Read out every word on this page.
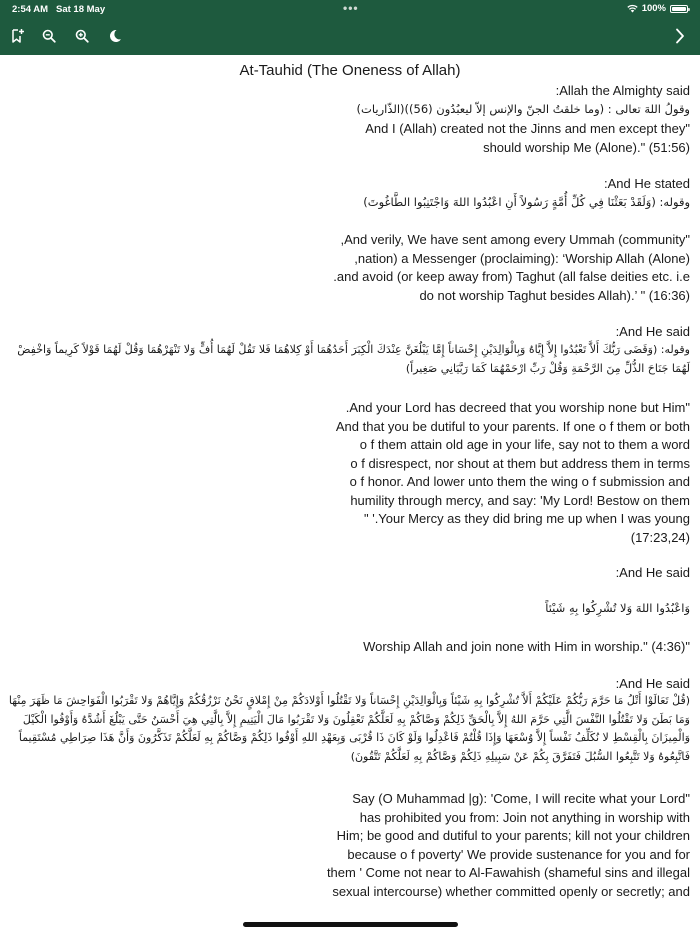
2:54 AM Sat 18 May	•••	100%
At-Tauhid (The Oneness of Allah)
:Allah the Almighty said
وقولُ اللهَ تعالى : (وما خلقتُ الجنّ والإنس إلاّ ليعبُدُون (56))(الذّاريات)
And I (Allah) created not the Jinns and men except they"
should worship Me (Alone)." (51:56)
:And He stated
وقوله: (وَلَقَدْ بَعَثْنَا فِي كُلِّ أُمَّةٍ رَسُولاً أَنِ اعْبُدُوا اللهَ وَاجْتَنِبُوا الطَّاغُوتَ)
,And verily, We have sent among every Ummah (community"
,nation) a Messenger (proclaiming): ‘Worship Allah (Alone)
.and avoid (or keep away from) Taghut (all false deities etc. i.e
do not worship Taghut besides Allah).’ " (16:36)
:And He said
وقوله: (وَقَضَى رَبُّكَ أَلاَّ تَعْبُدُوا إِلاَّ إِيَّاهُ وَبِالْوَالِدَيْنِ إِحْسَاناً إِمَّا يَبْلُغَنَّ عِنْدَكَ الْكِبَرَ أَحَدُهُمَا أَوْ كِلاهُمَا فَلا تَقُلْ لَهُمَا أُفٍّ وَلا تَنْهَرْهُمَا وَقُلْ لَهُمَا قَوْلاً كَرِيماً وَاخْفِضْ
لَهُمَا جَنَاحَ الذُّلِّ مِنَ الرَّحْمَةِ وَقُلْ رَبِّ ارْحَمْهُمَا كَمَا رَبَّيَانِي صَغِيراً)
.And your Lord has decreed that you worship none but Him"
And that you be dutiful to your parents. If one o f them or both
o f them attain old age in your life, say not to them a word
o f disrespect, nor shout at them but address them in terms
o f honor. And lower unto them the wing o f submission and
humility through mercy, and say: 'My Lord! Bestow on them
" '.Your Mercy as they did bring me up when I was young
(17:23,24)
:And He said
وَاعْبُدُوا اللهَ وَلا تُشْرِكُوا بِهِ شَيْئاً
Worship Allah and join none with Him in worship." (4:36)"
:And He said
(قُلْ تَعَالَوْا أَتْلُ مَا حَرَّمَ رَبُّكُمْ عَلَيْكُمْ أَلاَّ تُشْرِكُوا بِهِ شَيْئاً وَبِالْوَالِدَيْنِ إِحْسَاناً وَلا تَقْتُلُوا أَوْلادَكُمْ مِنْ إِمْلاقٍ نَحْنُ نَرْزُقُكُمْ وَإِيَّاهُمْ وَلا تَقْرَبُوا الْفَوَاحِشَ مَا ظَهَرَ مِنْهَا
وَمَا بَطَنَ وَلا تَقْتُلُوا النَّفْسَ الَّتِي حَرَّمَ اللهُ إِلاَّ بِالْحَقِّ ذَلِكُمْ وَصَّاكُمْ بِهِ لَعَلَّكُمْ تَعْقِلُونَ وَلا تَقْرَبُوا مَالَ الْيَتِيمِ إِلاَّ بِالَّتِي هِيَ أَحْسَنُ حَتَّى يَبْلُغَ أَشُدَّهُ وَأَوْفُوا الْكَيْلَ
وَالْمِيزَانَ بِالْقِسْطِ لا نُكَلِّفُ نَفْساً إِلاَّ وُسْعَهَا وَإِذَا قُلْتُمْ فَاعْدِلُوا وَلَوْ كَانَ ذَا قُرْبَى وَبِعَهْدِ اللهِ أَوْفُوا ذَلِكُمْ وَصَّاكُمْ بِهِ لَعَلَّكُمْ تَذَكَّرُونَ وَأَنَّ هَذَا صِرَاطِي مُسْتَقِيماً
فَاتَّبِعُوهُ وَلا تَتَّبِعُوا السُّبُلَ فَتَفَرَّقَ بِكُمْ عَنْ سَبِيلِهِ ذَلِكُمْ وَصَّاكُمْ بِهِ لَعَلَّكُمْ تَتَّقُونَ)
Say (O Muhammad |g): 'Come, I will recite what your Lord"
has prohibited you from: Join not anything in worship with
Him; be good and dutiful to your parents; kill not your children
because o f poverty' We provide sustenance for you and for
them ' Come not near to Al-Fawahish (shameful sins and illegal
sexual intercourse) whether committed openly or secretly; and
